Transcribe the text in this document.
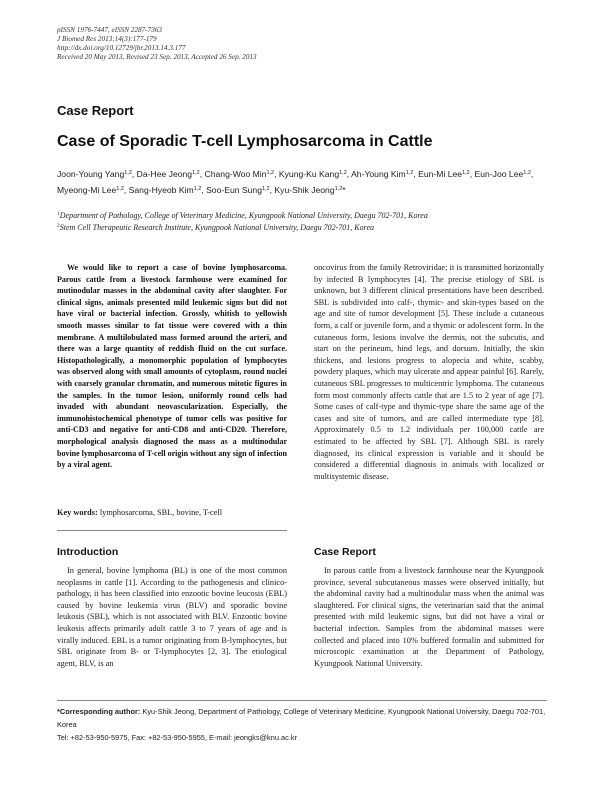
pISSN 1976-7447, eISSN 2287-7363
J Biomed Res 2013;14(3):177-179
http://dx.doi.org/10.12729/jbr.2013.14.3.177
Received 20 May 2013, Revised 23 Sep. 2013, Accepted 26 Sep. 2013
Case Report
Case of Sporadic T-cell Lymphosarcoma in Cattle
Joon-Young Yang$^{1,2}$, Da-Hee Jeong$^{1,2}$, Chang-Woo Min$^{1,2}$, Kyung-Ku Kang$^{1,2}$, Ah-Young Kim$^{1,2}$, Eun-Mi Lee$^{1,2}$, Eun-Joo Lee$^{1,2}$, Myeong-Mi Lee$^{1,2}$, Sang-Hyeob Kim$^{1,2}$, Soo-Eun Sung$^{1,2}$, Kyu-Shik Jeong$^{1,2}$*
$^1$Department of Pathology, College of Veterinary Medicine, Kyungpook National University, Daegu 702-701, Korea
$^2$Stem Cell Therapeutic Research Institute, Kyungpook National University, Daegu 702-701, Korea

We would like to report a case of bovine lymphosarcoma. Parous cattle from a livestock farmhouse were examined for mutinodular masses in the abdominal cavity after slaughter. For clinical signs, animals presented mild leukemic signs but did not have viral or bacterial infection. Grossly, whitish to yellowish smooth masses similar to fat tissue were covered with a thin membrane. A multilobulated mass formed around the arteri, and there was a large quantity of reddish fluid on the cut surface. Histopathologically, a monomorphic population of lymphocytes was observed along with small amounts of cytoplasm, round nuclei with coarsely granular chromatin, and numerous mitotic figures in the samples. In the tumor lesion, uniformly round cells had invaded with abundant neovascularization. Especially, the immunohistochemical phenotype of tumor cells was positive for anti-CD3 and negative for anti-CD8 and anti-CD20. Therefore, morphological analysis diagnosed the mass as a multinodular bovine lymphosarcoma of T-cell origin without any sign of infection by a viral agent.

Key words: lymphosarcoma, SBL, bovine, T-cell

oncovirus from the family Retroviridae; it is transmitted horizontally by infected B lymphocytes [4]. The precise etiology of SBL is unknown, but 3 different clinical presentations have been described. SBL is subdivided into calf-, thymic- and skin-types based on the age and site of tumor development [5]. These include a cutaneous form, a calf or juvenile form, and a thymic or adolescent form. In the cutaneous form, lesions involve the dermis, not the subcutis, and start on the perineum, hind legs, and dorsum. Initially, the skin thickens, and lesions progress to alopecia and white, scabby, powdery plaques, which may ulcerate and appear painful [6]. Rarely, cutaneous SBL progresses to multicentric lymphoma. The cutaneous form most commonly affects cattle that are 1.5 to 2 year of age [7]. Some cases of calf-type and thymic-type share the same age of the cases and site of tumors, and are called intermediate type [8]. Approximately 0.5 to 1.2 individuals per 100,000 cattle are estimated to be affected by SBL [7]. Although SBL is rarely diagnosed, its clinical expression is variable and it should be considered a differential diagnosis in animals with localized or multisystemic disease.

Introduction

In general, bovine lymphoma (BL) is one of the most common neoplasms in cattle [1]. According to the pathogenesis and clinico-pathology, it has been classified into enzootic bovine leucosis (EBL) caused by bovine leukemia virus (BLV) and sporadic bovine leukosis (SBL), which is not associated with BLV. Enzootic bovine leukosis affects primarily adult cattle 3 to 7 years of age and is virally induced. EBL is a tumor originating from B-lymphocytes, but SBL originate from B- or T-lymphocytes [2, 3]. The etiological agent, BLV, is an

Case Report

In parous cattle from a livestock farmhouse near the Kyungpook province, several subcutaneous masses were observed initially, but the abdominal cavity had a multinodular mass when the animal was slaughtered. For clinical signs, the veterinarian said that the animal presented with mild leukemic signs, but did not have a viral or bacterial infection. Samples from the abdominal masses were collected and placed into 10% buffered formalin and submitted for microscopic examination at the Department of Pathology, Kyungpook National University.

*Corresponding author: Kyu-Shik Jeong, Department of Pathology, College of Veterinary Medicine, Kyungpook National University, Daegu 702-701, Korea
Tel: +82-53-950-5975, Fax: +82-53-950-5955, E-mail: jeongks@knu.ac.kr
